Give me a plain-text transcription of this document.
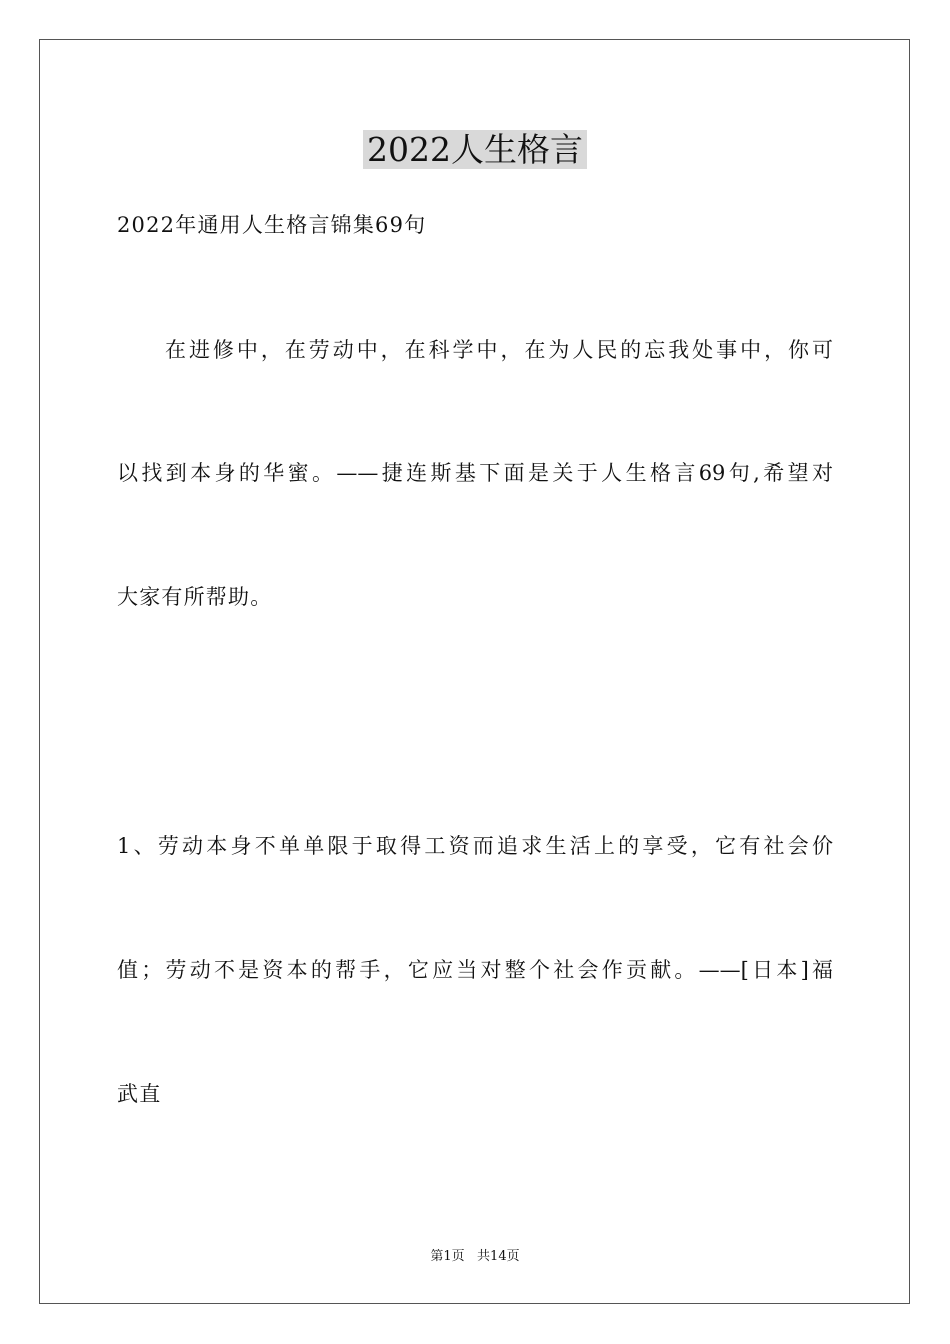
2022人生格言
2022年通用人生格言锦集69句
在进修中，在劳动中，在科学中，在为人民的忘我处事中，你可
以找到本身的华蜜。——捷连斯基下面是关于人生格言69句,希望对
大家有所帮助。
1、劳动本身不单单限于取得工资而追求生活上的享受，它有社会价
值；劳动不是资本的帮手，它应当对整个社会作贡献。——[日本]福
武直
第1页   共14页
